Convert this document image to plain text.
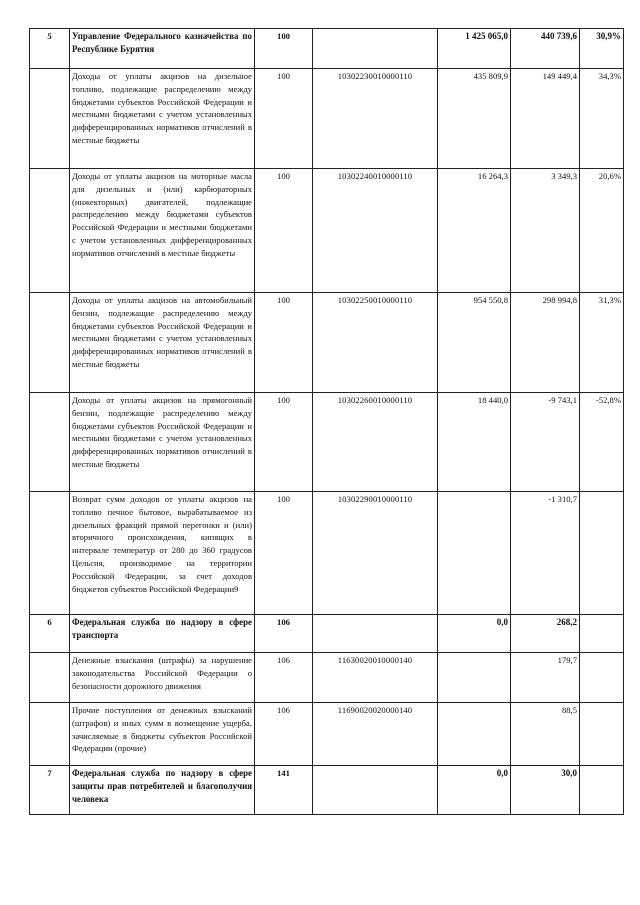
5	Управление Федерального казначейства по Республике Бурятия	100		1 425 065,0	440 739,6	30,9%
	Доходы от уплаты акцизов на дизельное топливо, подлежащие распределению между бюджетами субъектов Российской Федерации и местными бюджетами с учетом установленных дифференцированных нормативов отчислений в местные бюджеты	100	10302230010000110	435 809,9	149 449,4	34,3%
	Доходы от уплаты акцизов на моторные масла для дизельных и (или) карбюраторных (инжекторных) двигателей, подлежащие распределению между бюджетами субъектов Российской Федерации и местными бюджетами с учетом установленных дифференцированных нормативов отчислений в местные бюджеты	100	10302240010000110	16 264,3	3 349,3	20,6%
	Доходы от уплаты акцизов на автомобильный бензин, подлежащие распределению между бюджетами субъектов Российской Федерации и местными бюджетами с учетом установленных дифференцированных нормативов отчислений в местные бюджеты	100	10302250010000110	954 550,8	298 994,8	31,3%
	Доходы от уплаты акцизов на прямогонный бензин, подлежащие распределению между бюджетами субъектов Российской Федерации и местными бюджетами с учетом установленных дифференцированных нормативов отчислений в местные бюджеты	100	10302260010000110	18 440,0	-9 743,1	-52,8%
	Возврат сумм доходов от уплаты акцизов на топливо печное бытовое, вырабатываемое из дизельных фракций прямой перегонки и (или) вторичного происхождения, кипящих в интервале температур от 280 до 360 градусов Цельсия, производимое на территории Российской Федерации, за счет доходов бюджетов субъектов Российской Федерации9	100	10302290010000110		-1 310,7	
6	Федеральная служба по надзору в сфере транспорта	106		0,0	268,2	
	Денежные взыскания (штрафы) за нарушение законодательства Российской Федерации о безопасности дорожного движения	106	11630020010000140		179,7	
	Прочие поступления от денежных взысканий (штрафов) и иных сумм в возмещение ущерба, зачисляемые в бюджеты субъектов Российской Федерации (прочие)	106	11690020020000140		88,5	
7	Федеральная служба по надзору в сфере защиты прав потребителей и благополучия человека	141		0,0	30,0	
